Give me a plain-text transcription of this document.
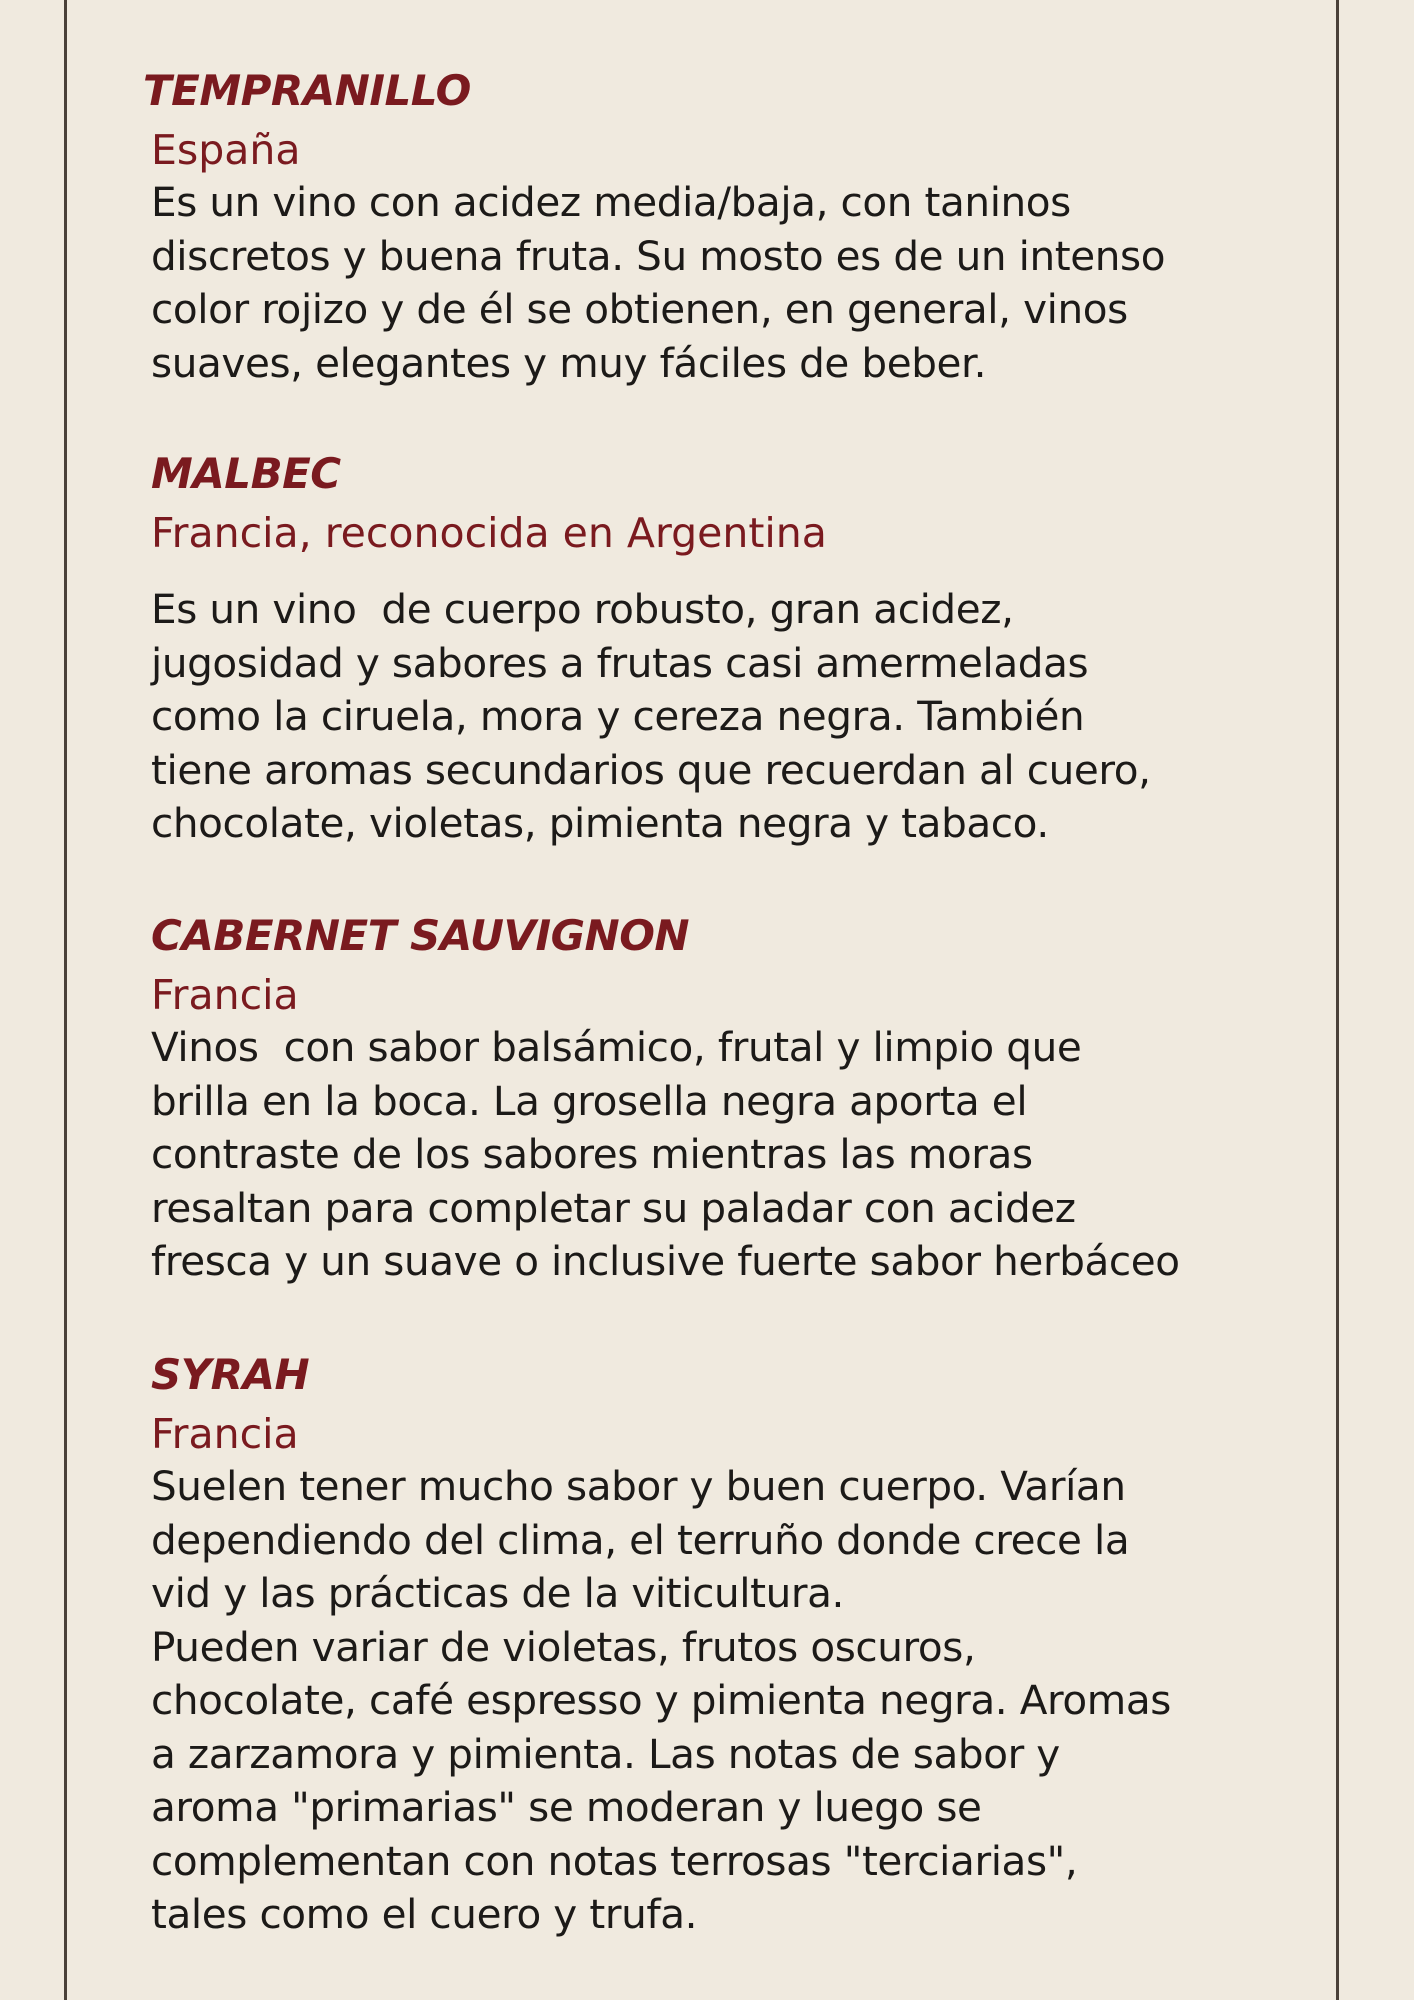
TEMPRANILLO
España
Es un vino con acidez media/baja, con taninos
discretos y buena fruta. Su mosto es de un intenso
color rojizo y de él se obtienen, en general, vinos
suaves, elegantes y muy fáciles de beber.
MALBEC
Francia, reconocida en Argentina
Es un vino  de cuerpo robusto, gran acidez,
jugosidad y sabores a frutas casi amermeladas
como la ciruela, mora y cereza negra. También
tiene aromas secundarios que recuerdan al cuero,
chocolate, violetas, pimienta negra y tabaco.
CABERNET SAUVIGNON
Francia
Vinos  con sabor balsámico, frutal y limpio que
brilla en la boca. La grosella negra aporta el
contraste de los sabores mientras las moras
resaltan para completar su paladar con acidez
fresca y un suave o inclusive fuerte sabor herbáceo
SYRAH
Francia
Suelen tener mucho sabor y buen cuerpo. Varían
dependiendo del clima, el terruño donde crece la
vid y las prácticas de la viticultura.
Pueden variar de violetas, frutos oscuros,
chocolate, café espresso y pimienta negra. Aromas
a zarzamora y pimienta. Las notas de sabor y
aroma "primarias" se moderan y luego se
complementan con notas terrosas "terciarias",
tales como el cuero y trufa.
